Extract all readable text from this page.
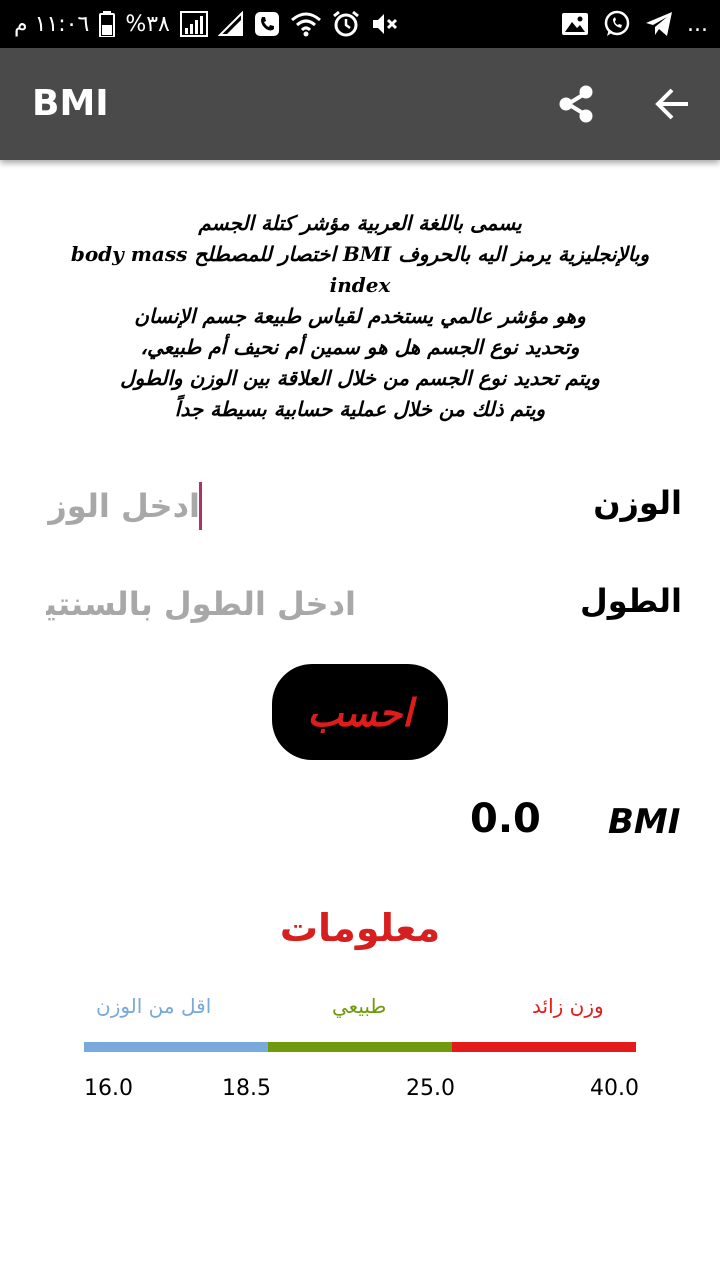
١١:٠٦ م %٣٨	...
BMI

يسمى باللغة العربية مؤشر كتلة الجسم

وبالإنجليزية يرمز اليه بالحروف BMI اختصار للمصطلح body mass index

وهو مؤشر عالمي يستخدم لقياس طبيعة جسم الإنسان

وتحديد نوع الجسم هل هو سمين أم نحيف أم طبيعي،

ويتم تحديد نوع الجسم من خلال العلاقة بين الوزن والطول

ويتم ذلك من خلال عملية حسابية بسيطة جداً

الوزن
ادخل الوزن
الطول
ادخل الطول بالسنتيمتر
احسب
0.0 BMI
معلومات
اقل من الوزن	طبيعي	وزن زائد
16.0	18.5	25.0	40.0
